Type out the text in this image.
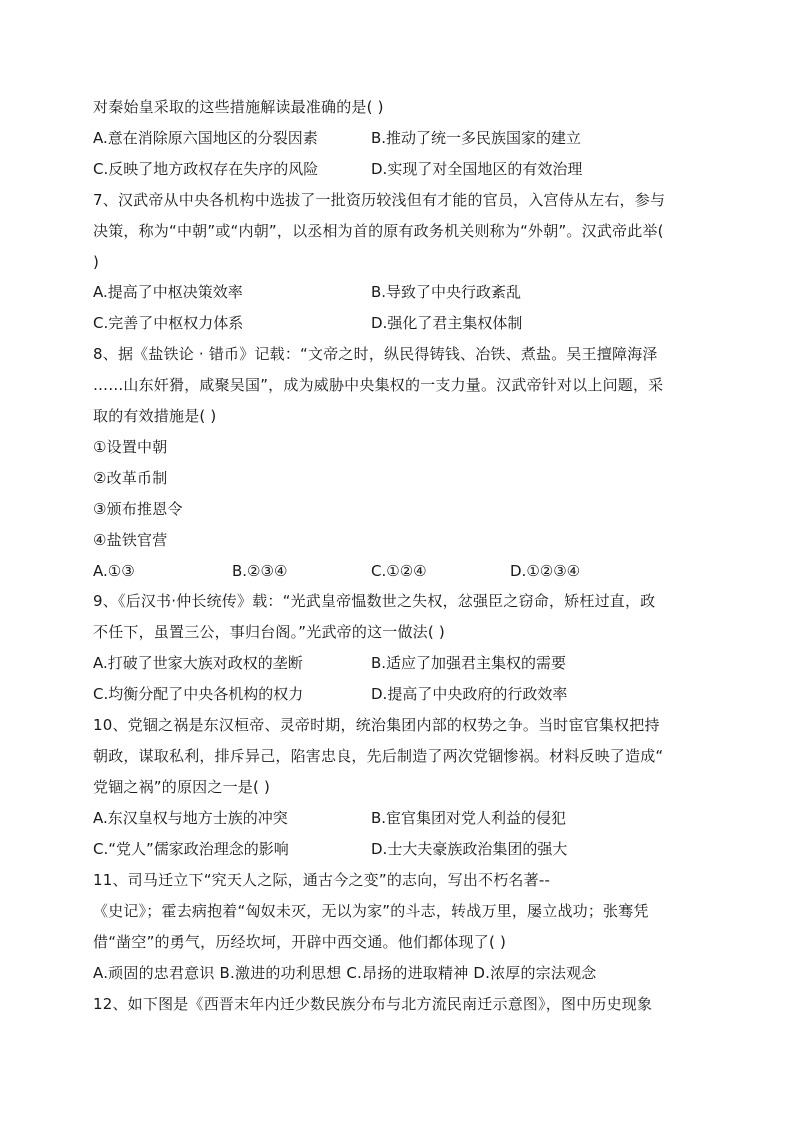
对秦始皇采取的这些措施解读最准确的是( )
A.意在消除原六国地区的分裂因素	B.推动了统一多民族国家的建立
C.反映了地方政权存在失序的风险	D.实现了对全国地区的有效治理
7、汉武帝从中央各机构中选拔了一批资历较浅但有才能的官员，入宫侍从左右，参与
决策，称为“中朝”或“内朝”，以丞相为首的原有政务机关则称为“外朝”。汉武帝此举(
)
A.提高了中枢决策效率	B.导致了中央行政紊乱
C.完善了中枢权力体系	D.强化了君主集权体制
8、据《盐铁论 · 错币》记载：“文帝之时，纵民得铸钱、冶铁、煮盐。吴王擅障海泽
……山东奸猾，咸聚吴国”，成为威胁中央集权的一支力量。汉武帝针对以上问题，采
取的有效措施是( )
①设置中朝
②改革币制
③颁布推恩令
④盐铁官营
A.①③	B.②③④	C.①②④	D.①②③④
9、《后汉书·仲长统传》载：“光武皇帝愠数世之失权，忿强臣之窃命，矫枉过直，政
不任下，虽置三公，事归台阁。”光武帝的这一做法( )
A.打破了世家大族对政权的垄断	B.适应了加强君主集权的需要
C.均衡分配了中央各机构的权力	D.提高了中央政府的行政效率
10、党锢之祸是东汉桓帝、灵帝时期，统治集团内部的权势之争。当时宦官集权把持
朝政，谋取私利，排斥异己，陷害忠良，先后制造了两次党锢惨祸。材料反映了造成“
党锢之祸”的原因之一是( )
A.东汉皇权与地方士族的冲突	B.宦官集团对党人利益的侵犯
C.“党人”儒家政治理念的影响	D.士大夫豪族政治集团的强大
11、司马迁立下“究天人之际，通古今之变”的志向，写出不朽名著--
《史记》；霍去病抱着“匈奴未灭，无以为家”的斗志，转战万里，屡立战功；张骞凭
借“凿空”的勇气，历经坎坷，开辟中西交通。他们都体现了( )
A.顽固的忠君意识 B.激进的功利思想 C.昂扬的进取精神 D.浓厚的宗法观念
12、如下图是《西晋末年内迁少数民族分布与北方流民南迁示意图》，图中历史现象
